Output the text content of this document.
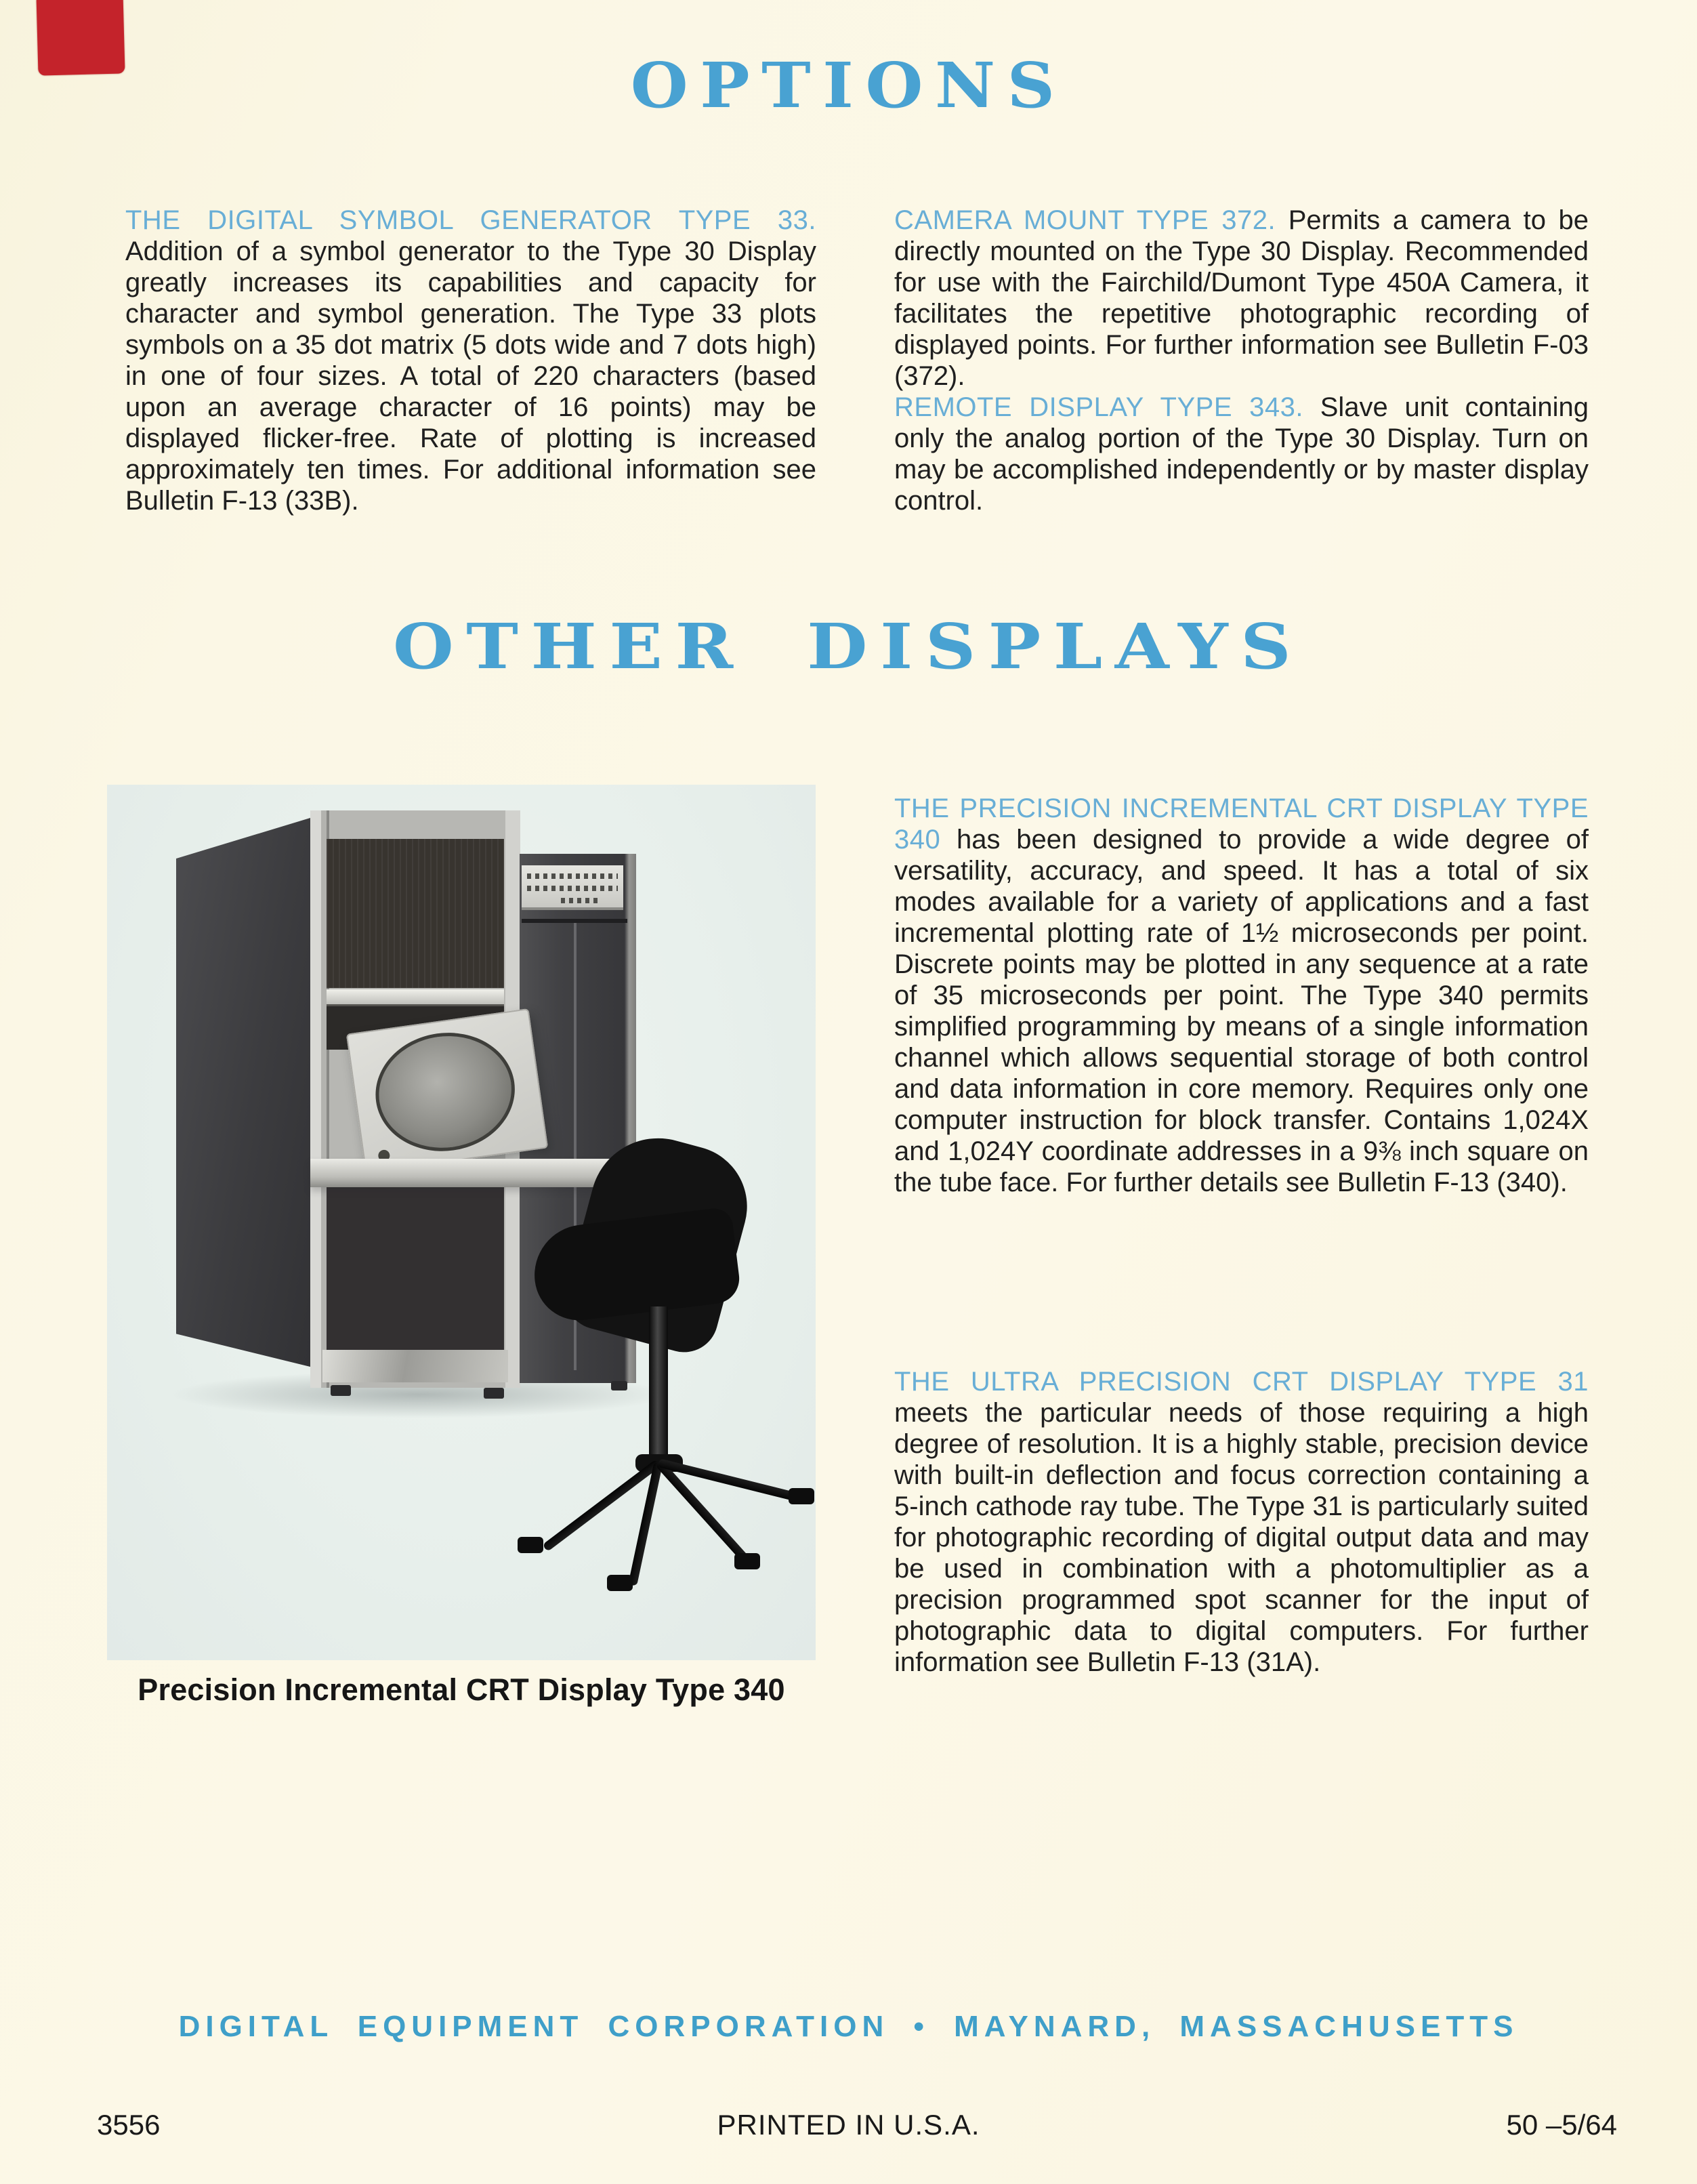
OPTIONS

THE DIGITAL SYMBOL GENERATOR TYPE 33. Addition of a symbol generator to the Type 30 Display greatly increases its capabilities and capacity for character and symbol generation. The Type 33 plots symbols on a 35 dot matrix (5 dots wide and 7 dots high) in one of four sizes. A total of 220 characters (based upon an average character of 16 points) may be displayed flicker-free. Rate of plotting is increased approximately ten times. For additional information see Bulletin F-13 (33B).

CAMERA MOUNT TYPE 372. Permits a camera to be directly mounted on the Type 30 Display. Recommended for use with the Fairchild/Dumont Type 450A Camera, it facilitates the repetitive photographic recording of displayed points. For further information see Bulletin F-03 (372).

REMOTE DISPLAY TYPE 343. Slave unit containing only the analog portion of the Type 30 Display. Turn on may be accomplished independently or by master display control.

OTHER DISPLAYS
Precision Incremental CRT Display Type 340

THE PRECISION INCREMENTAL CRT DISPLAY TYPE 340 has been designed to provide a wide degree of versatility, accuracy, and speed. It has a total of six modes available for a variety of applications and a fast incremental plotting rate of 1½ microseconds per point. Discrete points may be plotted in any sequence at a rate of 35 microseconds per point. The Type 340 permits simplified programming by means of a single information channel which allows sequential storage of both control and data information in core memory. Requires only one computer instruction for block transfer. Contains 1,024X and 1,024Y coordinate addresses in a 9⅜ inch square on the tube face. For further details see Bulletin F-13 (340).

THE ULTRA PRECISION CRT DISPLAY TYPE 31 meets the particular needs of those requiring a high degree of resolution. It is a highly stable, precision device with built-in deflection and focus correction containing a 5-inch cathode ray tube. The Type 31 is particularly suited for photographic recording of digital output data and may be used in combination with a photomultiplier as a precision programmed spot scanner for the input of photographic data to digital computers. For further information see Bulletin F-13 (31A).

DIGITAL EQUIPMENT CORPORATION • MAYNARD, MASSACHUSETTS
3556	PRINTED IN U.S.A.	50 –5/64
